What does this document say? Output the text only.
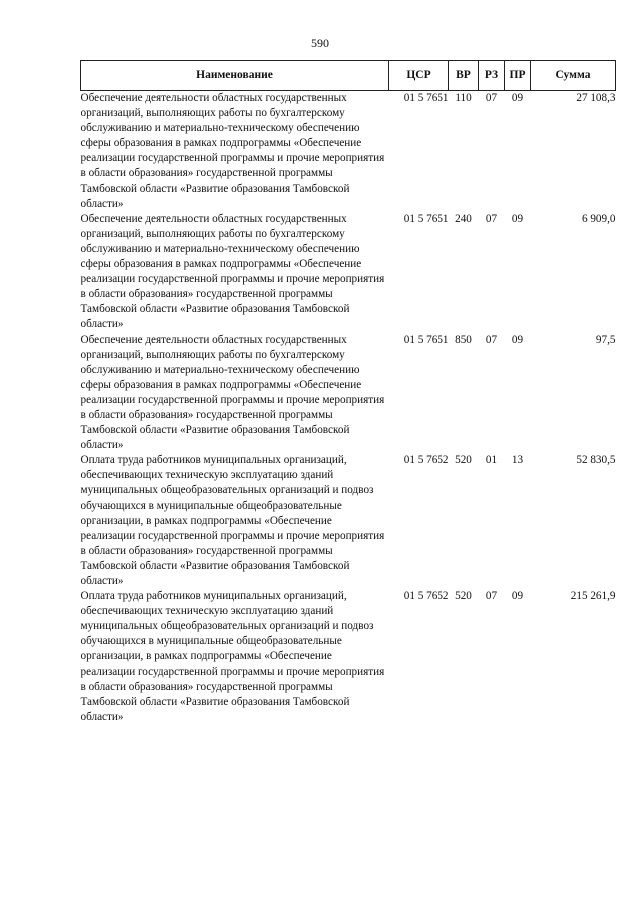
590
Наименование	ЦСР	ВР	РЗ	ПР	Сумма
Обеспечение деятельности областных государственных организаций, выполняющих работы по бухгалтерскому обслуживанию и материально-техническому обеспечению сферы образования в рамках подпрограммы «Обеспечение реализации государственной программы и прочие мероприятия в области образования» государственной программы Тамбовской области «Развитие образования Тамбовской области»	01 5 7651	110	07	09	27 108,3
Обеспечение деятельности областных государственных организаций, выполняющих работы по бухгалтерскому обслуживанию и материально-техническому обеспечению сферы образования в рамках подпрограммы «Обеспечение реализации государственной программы и прочие мероприятия в области образования» государственной программы Тамбовской области «Развитие образования Тамбовской области»	01 5 7651	240	07	09	6 909,0
Обеспечение деятельности областных государственных организаций, выполняющих работы по бухгалтерскому обслуживанию и материально-техническому обеспечению сферы образования в рамках подпрограммы «Обеспечение реализации государственной программы и прочие мероприятия в области образования» государственной программы Тамбовской области «Развитие образования Тамбовской области»	01 5 7651	850	07	09	97,5
Оплата труда работников муниципальных организаций, обеспечивающих техническую эксплуатацию зданий муниципальных общеобразовательных организаций и подвоз обучающихся в муниципальные общеобразовательные организации, в рамках подпрограммы «Обеспечение реализации государственной программы и прочие мероприятия в области образования» государственной программы Тамбовской области «Развитие образования Тамбовской области»	01 5 7652	520	01	13	52 830,5
Оплата труда работников муниципальных организаций, обеспечивающих техническую эксплуатацию зданий муниципальных общеобразовательных организаций и подвоз обучающихся в муниципальные общеобразовательные организации, в рамках подпрограммы «Обеспечение реализации государственной программы и прочие мероприятия в области образования» государственной программы Тамбовской области «Развитие образования Тамбовской области»	01 5 7652	520	07	09	215 261,9
